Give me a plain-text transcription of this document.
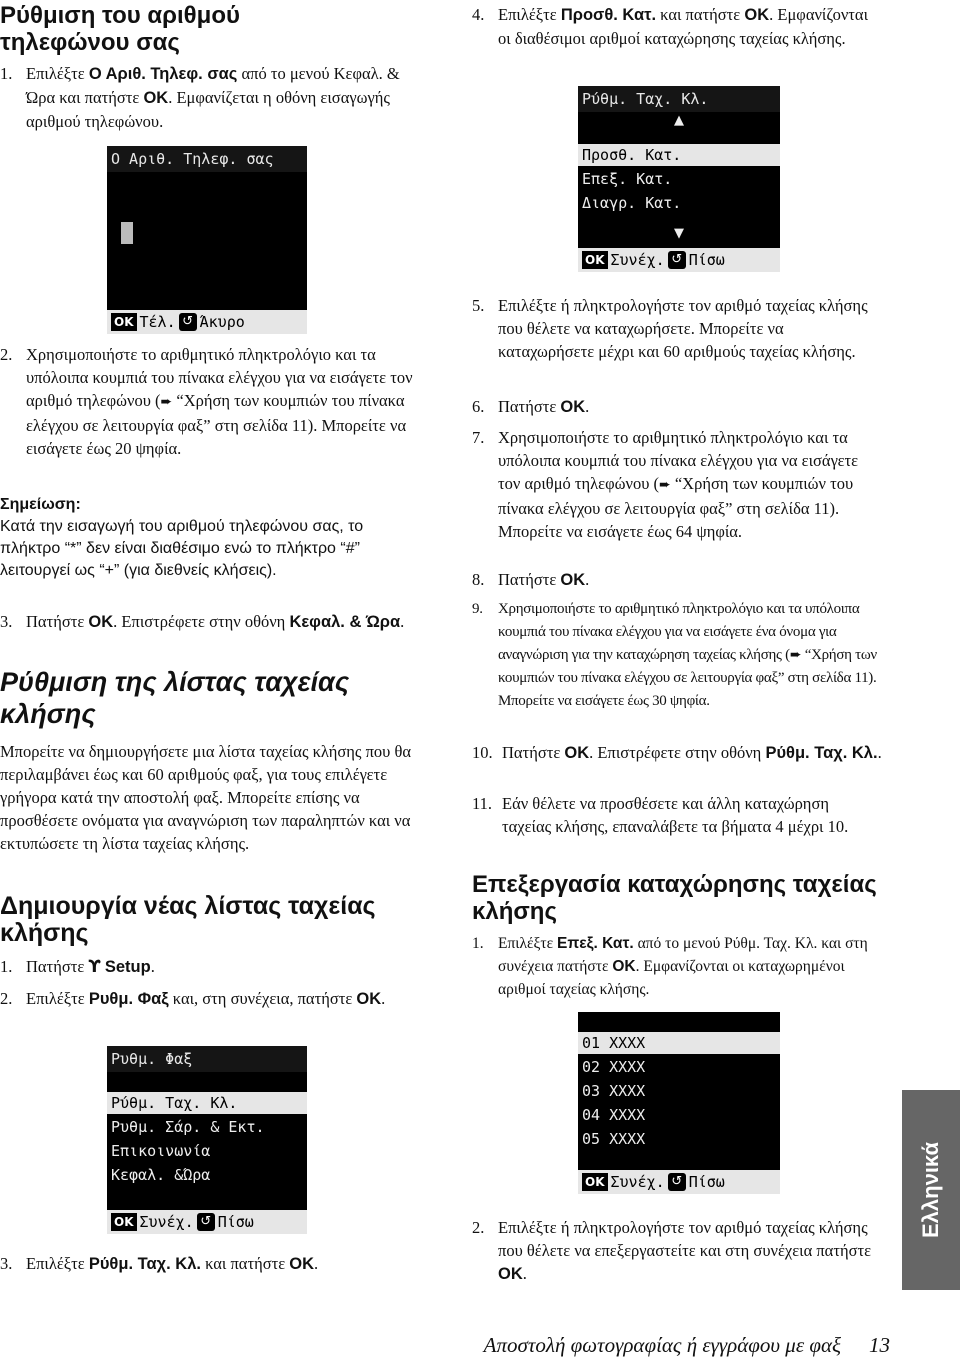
Ρύθμιση του αριθμού τηλεφώνου σας
1. Επιλέξτε Ο Αριθ. Τηλεφ. σας από το μενού Κεφαλ. & Ώρα και πατήστε OK. Εμφανίζεται η οθόνη εισαγωγής αριθμού τηλεφώνου.
Ο Αριθ. Τηλεφ. σας
OK Τέλ. ↺ Άκυρο
2. Χρησιμοποιήστε το αριθμητικό πληκτρολόγιο και τα υπόλοιπα κουμπιά του πίνακα ελέγχου για να εισάγετε τον αριθμό τηλεφώνου (➨ “Χρήση των κουμπιών του πίνακα ελέγχου σε λειτουργία φαξ” στη σελίδα 11). Μπορείτε να εισάγετε έως 20 ψηφία.
Σημείωση:
Κατά την εισαγωγή του αριθμού τηλεφώνου σας, το πλήκτρο “*” δεν είναι διαθέσιμο ενώ το πλήκτρο “#” λειτουργεί ως “+” (για διεθνείς κλήσεις).
3. Πατήστε OK. Επιστρέφετε στην οθόνη Κεφαλ. & Ώρα.
Ρύθμιση της λίστας ταχείας κλήσης
Μπορείτε να δημιουργήσετε μια λίστα ταχείας κλήσης που θα περιλαμβάνει έως και 60 αριθμούς φαξ, για τους επιλέγετε γρήγορα κατά την αποστολή φαξ. Μπορείτε επίσης να προσθέσετε ονόματα για αναγνώριση των παραληπτών και να εκτυπώσετε τη λίστα ταχείας κλήσης.
Δημιουργία νέας λίστας ταχείας κλήσης
1. Πατήστε ϒ Setup.
2. Επιλέξτε Ρυθμ. Φαξ και, στη συνέχεια, πατήστε OK.
Ρυθμ. Φαξ
Ρύθμ. Ταχ. Κλ.
Ρυθμ. Σάρ. & Εκτ.
Επικοινωνία
Κεφαλ. &Ώρα
OK Συνέχ. ↺ Πίσω
3. Επιλέξτε Ρύθμ. Ταχ. Κλ. και πατήστε OK.
4. Επιλέξτε Προσθ. Κατ. και πατήστε OK. Εμφανίζονται οι διαθέσιμοι αριθμοί καταχώρησης ταχείας κλήσης.
Ρύθμ. Ταχ. Κλ.
▲
Προσθ. Κατ.
Επεξ. Κατ.
Διαγρ. Κατ.
▼
OK Συνέχ. ↺ Πίσω
5. Επιλέξτε ή πληκτρολογήστε τον αριθμό ταχείας κλήσης που θέλετε να καταχωρήσετε. Μπορείτε να καταχωρήσετε μέχρι και 60 αριθμούς ταχείας κλήσης.
6. Πατήστε OK.
7. Χρησιμοποιήστε το αριθμητικό πληκτρολόγιο και τα υπόλοιπα κουμπιά του πίνακα ελέγχου για να εισάγετε τον αριθμό τηλεφώνου (➨ “Χρήση των κουμπιών του πίνακα ελέγχου σε λειτουργία φαξ” στη σελίδα 11). Μπορείτε να εισάγετε έως 64 ψηφία.
8. Πατήστε OK.
9.	Χρησιμοποιήστε το αριθμητικό πληκτρολόγιο και τα υπόλοιπα κουμπιά του πίνακα ελέγχου για να εισάγετε ένα όνομα για αναγνώριση για την καταχώρηση ταχείας κλήσης (➨ “Χρήση των κουμπιών του πίνακα ελέγχου σε λειτουργία φαξ” στη σελίδα 11). Μπορείτε να εισάγετε έως 30 ψηφία.
10. Πατήστε OK. Επιστρέφετε στην οθόνη Ρύθμ. Ταχ. Κλ..
11. Εάν θέλετε να προσθέσετε και άλλη καταχώρηση ταχείας κλήσης, επαναλάβετε τα βήματα 4 μέχρι 10.
Επεξεργασία καταχώρησης ταχείας κλήσης
1. Επιλέξτε Επεξ. Κατ. από το μενού Ρύθμ. Ταχ. Κλ. και στη συνέχεια πατήστε OK. Εμφανίζονται οι καταχωρημένοι αριθμοί ταχείας κλήσης.
01 XXXX
02 XXXX
03 XXXX
04 XXXX
05 XXXX
OK Συνέχ. ↺ Πίσω
2. Επιλέξτε ή πληκτρολογήστε τον αριθμό ταχείας κλήσης που θέλετε να επεξεργαστείτε και στη συνέχεια πατήστε OK.
Ελληνικά
Αποστολή φωτογραφίας ή εγγράφου με φαξ 13
